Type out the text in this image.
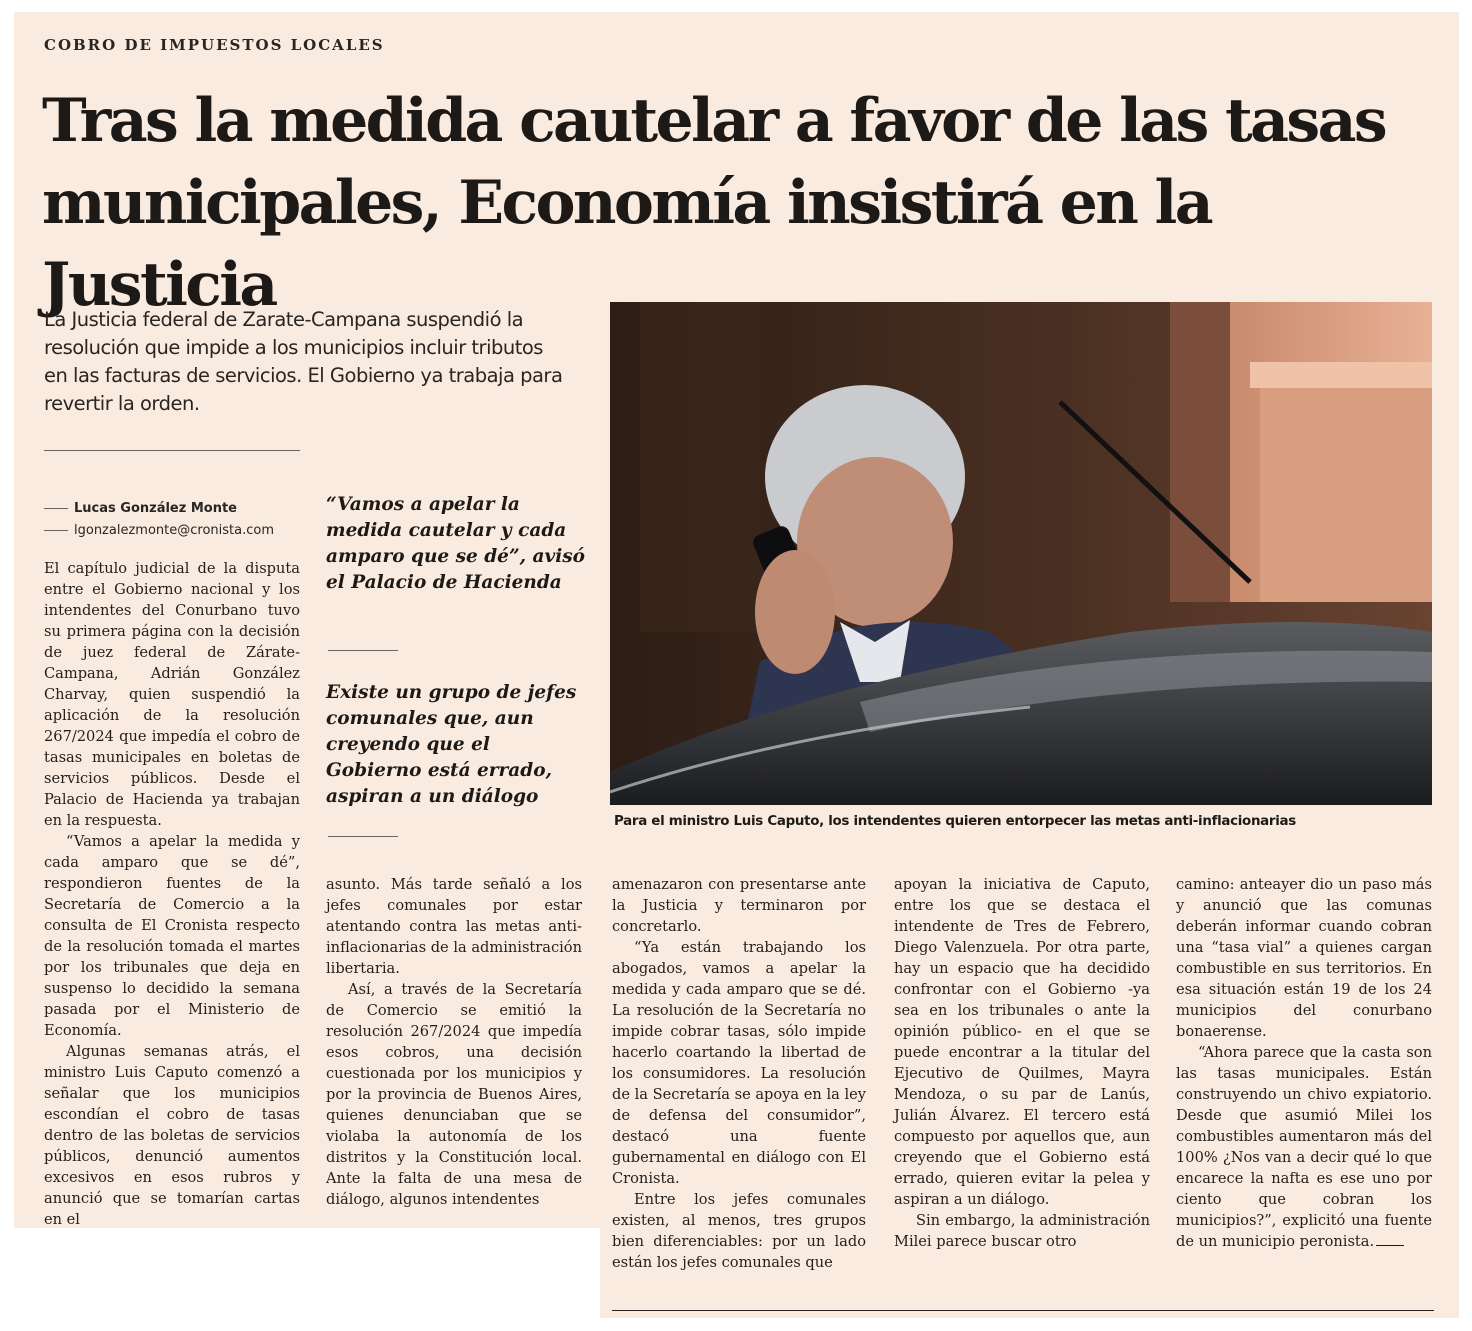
COBRO DE IMPUESTOS LOCALES
Tras la medida cautelar a favor de las tasas municipales, Economía insistirá en la Justicia
La Justicia federal de Zarate-Campana suspendió la resolución que impide a los municipios incluir tributos en las facturas de servicios. El Gobierno ya trabaja para revertir la orden.
Lucas González Monte
lgonzalezmonte@cronista.com

“Vamos a apelar la medida cautelar y cada amparo que se dé”, avisó el Palacio de Hacienda

Existe un grupo de jefes comunales que, aun creyendo que el Gobierno está errado, aspiran a un diálogo

Para el ministro Luis Caputo, los intendentes quieren entorpecer las metas anti-inflacionarias

El capítulo judicial de la disputa entre el Gobierno nacional y los intendentes del Conurbano tuvo su primera página con la decisión de juez federal de Zárate-Campana, Adrián González Charvay, quien suspendió la aplicación de la resolución 267/2024 que impedía el cobro de tasas municipales en boletas de servicios públicos. Desde el Palacio de Hacienda ya trabajan en la respuesta.

“Vamos a apelar la medida y cada amparo que se dé”, respondieron fuentes de la Secretaría de Comercio a la consulta de El Cronista respecto de la resolución tomada el martes por los tribunales que deja en suspenso lo decidido la semana pasada por el Ministerio de Economía.

Algunas semanas atrás, el ministro Luis Caputo comenzó a señalar que los municipios escondían el cobro de tasas dentro de las boletas de servicios públicos, denunció aumentos excesivos en esos rubros y anunció que se tomarían cartas en el

asunto. Más tarde señaló a los jefes comunales por estar atentando contra las metas anti-inflacionarias de la administración libertaria.

Así, a través de la Secretaría de Comercio se emitió la resolución 267/2024 que impedía esos cobros, una decisión cuestionada por los municipios y por la provincia de Buenos Aires, quienes denunciaban que se violaba la autonomía de los distritos y la Constitución local. Ante la falta de una mesa de diálogo, algunos intendentes

amenazaron con presentarse ante la Justicia y terminaron por concretarlo.

“Ya están trabajando los abogados, vamos a apelar la medida y cada amparo que se dé. La resolución de la Secretaría no impide cobrar tasas, sólo impide hacerlo coartando la libertad de los consumidores. La resolución de la Secretaría se apoya en la ley de defensa del consumidor”, destacó una fuente gubernamental en diálogo con El Cronista.

Entre los jefes comunales existen, al menos, tres grupos bien diferenciables: por un lado están los jefes comunales que

apoyan la iniciativa de Caputo, entre los que se destaca el intendente de Tres de Febrero, Diego Valenzuela. Por otra parte, hay un espacio que ha decidido confrontar con el Gobierno -ya sea en los tribunales o ante la opinión público- en el que se puede encontrar a la titular del Ejecutivo de Quilmes, Mayra Mendoza, o su par de Lanús, Julián Álvarez. El tercero está compuesto por aquellos que, aun creyendo que el Gobierno está errado, quieren evitar la pelea y aspiran a un diálogo.

Sin embargo, la administración Milei parece buscar otro

camino: anteayer dio un paso más y anunció que las comunas deberán informar cuando cobran una “tasa vial” a quienes cargan combustible en sus territorios. En esa situación están 19 de los 24 municipios del conurbano bonaerense.

“Ahora parece que la casta son las tasas municipales. Están construyendo un chivo expiatorio. Desde que asumió Milei los combustibles aumentaron más del 100% ¿Nos van a decir qué lo que encarece la nafta es ese uno por ciento que cobran los municipios?”, explicitó una fuente de un municipio peronista.
